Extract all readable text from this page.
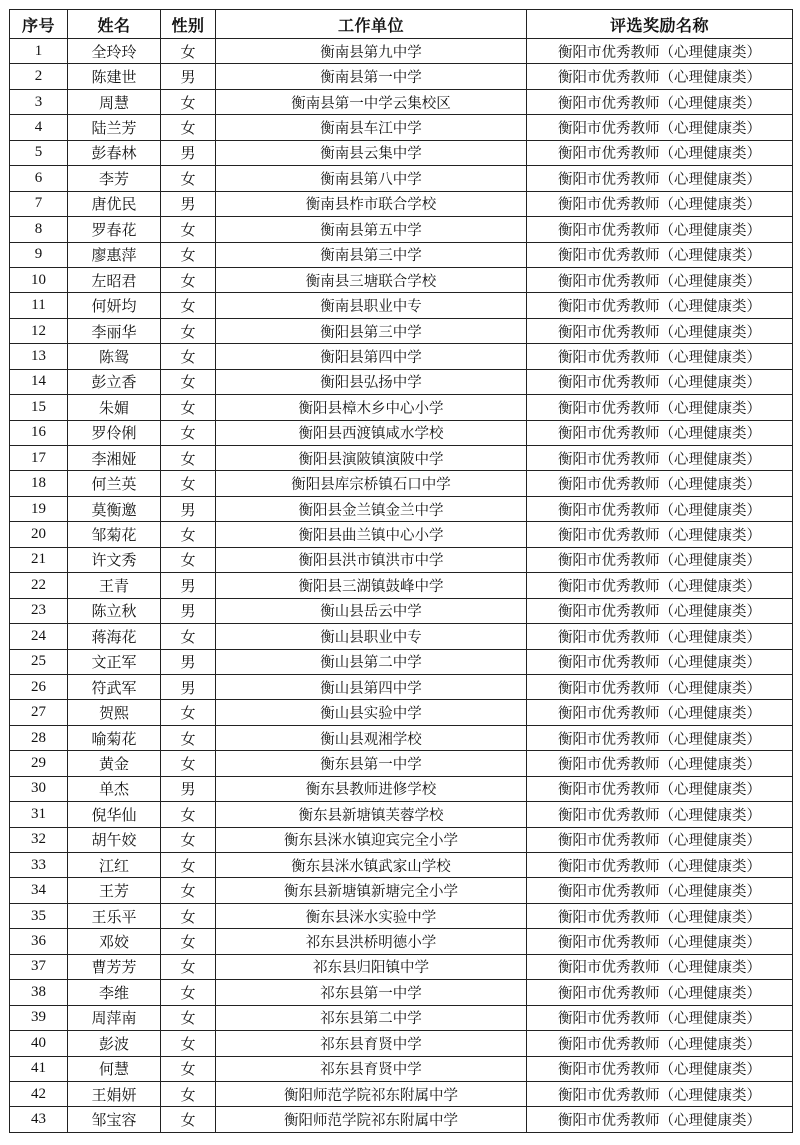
序号	姓名	性别	工作单位	评选奖励名称
1	全玲玲	女	衡南县第九中学	衡阳市优秀教师（心理健康类）
2	陈建世	男	衡南县第一中学	衡阳市优秀教师（心理健康类）
3	周慧	女	衡南县第一中学云集校区	衡阳市优秀教师（心理健康类）
4	陆兰芳	女	衡南县车江中学	衡阳市优秀教师（心理健康类）
5	彭春林	男	衡南县云集中学	衡阳市优秀教师（心理健康类）
6	李芳	女	衡南县第八中学	衡阳市优秀教师（心理健康类）
7	唐优民	男	衡南县柞市联合学校	衡阳市优秀教师（心理健康类）
8	罗春花	女	衡南县第五中学	衡阳市优秀教师（心理健康类）
9	廖惠萍	女	衡南县第三中学	衡阳市优秀教师（心理健康类）
10	左昭君	女	衡南县三塘联合学校	衡阳市优秀教师（心理健康类）
11	何妍均	女	衡南县职业中专	衡阳市优秀教师（心理健康类）
12	李丽华	女	衡阳县第三中学	衡阳市优秀教师（心理健康类）
13	陈鸳	女	衡阳县第四中学	衡阳市优秀教师（心理健康类）
14	彭立香	女	衡阳县弘扬中学	衡阳市优秀教师（心理健康类）
15	朱媚	女	衡阳县樟木乡中心小学	衡阳市优秀教师（心理健康类）
16	罗伶俐	女	衡阳县西渡镇咸水学校	衡阳市优秀教师（心理健康类）
17	李湘娅	女	衡阳县演陂镇演陂中学	衡阳市优秀教师（心理健康类）
18	何兰英	女	衡阳县库宗桥镇石口中学	衡阳市优秀教师（心理健康类）
19	莫衡邀	男	衡阳县金兰镇金兰中学	衡阳市优秀教师（心理健康类）
20	邹菊花	女	衡阳县曲兰镇中心小学	衡阳市优秀教师（心理健康类）
21	许文秀	女	衡阳县洪市镇洪市中学	衡阳市优秀教师（心理健康类）
22	王青	男	衡阳县三湖镇鼓峰中学	衡阳市优秀教师（心理健康类）
23	陈立秋	男	衡山县岳云中学	衡阳市优秀教师（心理健康类）
24	蒋海花	女	衡山县职业中专	衡阳市优秀教师（心理健康类）
25	文正军	男	衡山县第二中学	衡阳市优秀教师（心理健康类）
26	符武军	男	衡山县第四中学	衡阳市优秀教师（心理健康类）
27	贺熙	女	衡山县实验中学	衡阳市优秀教师（心理健康类）
28	喻菊花	女	衡山县观湘学校	衡阳市优秀教师（心理健康类）
29	黄金	女	衡东县第一中学	衡阳市优秀教师（心理健康类）
30	单杰	男	衡东县教师进修学校	衡阳市优秀教师（心理健康类）
31	倪华仙	女	衡东县新塘镇芙蓉学校	衡阳市优秀教师（心理健康类）
32	胡午姣	女	衡东县洣水镇迎宾完全小学	衡阳市优秀教师（心理健康类）
33	江红	女	衡东县洣水镇武家山学校	衡阳市优秀教师（心理健康类）
34	王芳	女	衡东县新塘镇新塘完全小学	衡阳市优秀教师（心理健康类）
35	王乐平	女	衡东县洣水实验中学	衡阳市优秀教师（心理健康类）
36	邓姣	女	祁东县洪桥明德小学	衡阳市优秀教师（心理健康类）
37	曹芳芳	女	祁东县归阳镇中学	衡阳市优秀教师（心理健康类）
38	李维	女	祁东县第一中学	衡阳市优秀教师（心理健康类）
39	周萍南	女	祁东县第二中学	衡阳市优秀教师（心理健康类）
40	彭波	女	祁东县育贤中学	衡阳市优秀教师（心理健康类）
41	何慧	女	祁东县育贤中学	衡阳市优秀教师（心理健康类）
42	王娟妍	女	衡阳师范学院祁东附属中学	衡阳市优秀教师（心理健康类）
43	邹宝容	女	衡阳师范学院祁东附属中学	衡阳市优秀教师（心理健康类）
